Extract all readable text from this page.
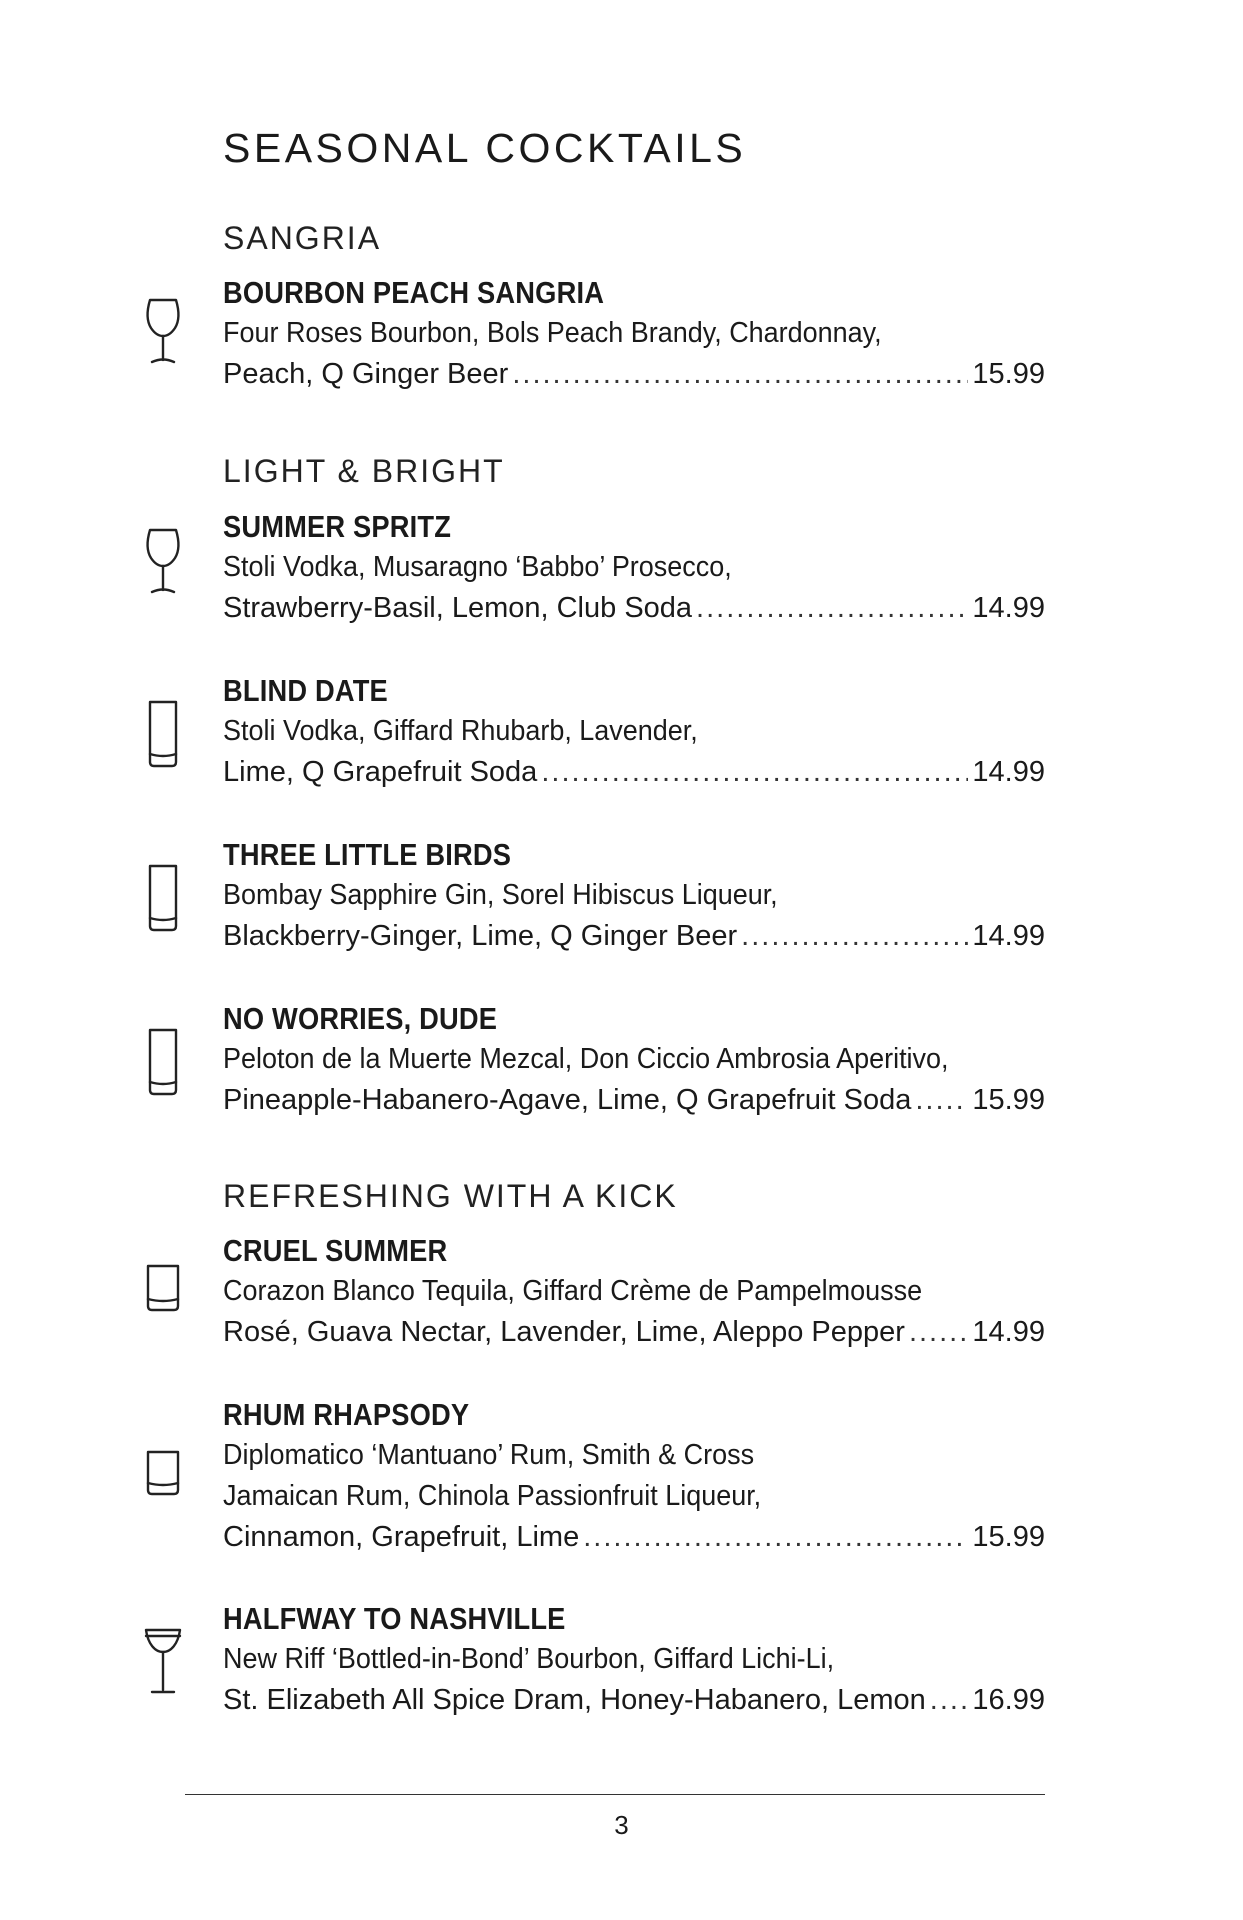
SEASONAL COCKTAILS
SANGRIA
BOURBON PEACH SANGRIA
Four Roses Bourbon, Bols Peach Brandy, Chardonnay,
Peach, Q Ginger Beer .....	15.99
LIGHT & BRIGHT
SUMMER SPRITZ
Stoli Vodka, Musaragno ‘Babbo’ Prosecco,
Strawberry-Basil, Lemon, Club Soda .....	14.99
BLIND DATE
Stoli Vodka, Giffard Rhubarb, Lavender,
Lime, Q Grapefruit Soda .....	14.99
THREE LITTLE BIRDS
Bombay Sapphire Gin, Sorel Hibiscus Liqueur,
Blackberry-Ginger, Lime, Q Ginger Beer .....	14.99
NO WORRIES, DUDE
Peloton de la Muerte Mezcal, Don Ciccio Ambrosia Aperitivo,
Pineapple-Habanero-Agave, Lime, Q Grapefruit Soda ..... 15.99
REFRESHING WITH A KICK
CRUEL SUMMER
Corazon Blanco Tequila, Giffard Crème de Pampelmousse
Rosé, Guava Nectar, Lavender, Lime, Aleppo Pepper ..... 14.99
RHUM RHAPSODY
Diplomatico ‘Mantuano’ Rum, Smith & Cross
Jamaican Rum, Chinola Passionfruit Liqueur,
Cinnamon, Grapefruit, Lime .....	15.99
HALFWAY TO NASHVILLE
New Riff ‘Bottled-in-Bond’ Bourbon, Giffard Lichi-Li,
St. Elizabeth All Spice Dram, Honey-Habanero, Lemon ..... 16.99
3
